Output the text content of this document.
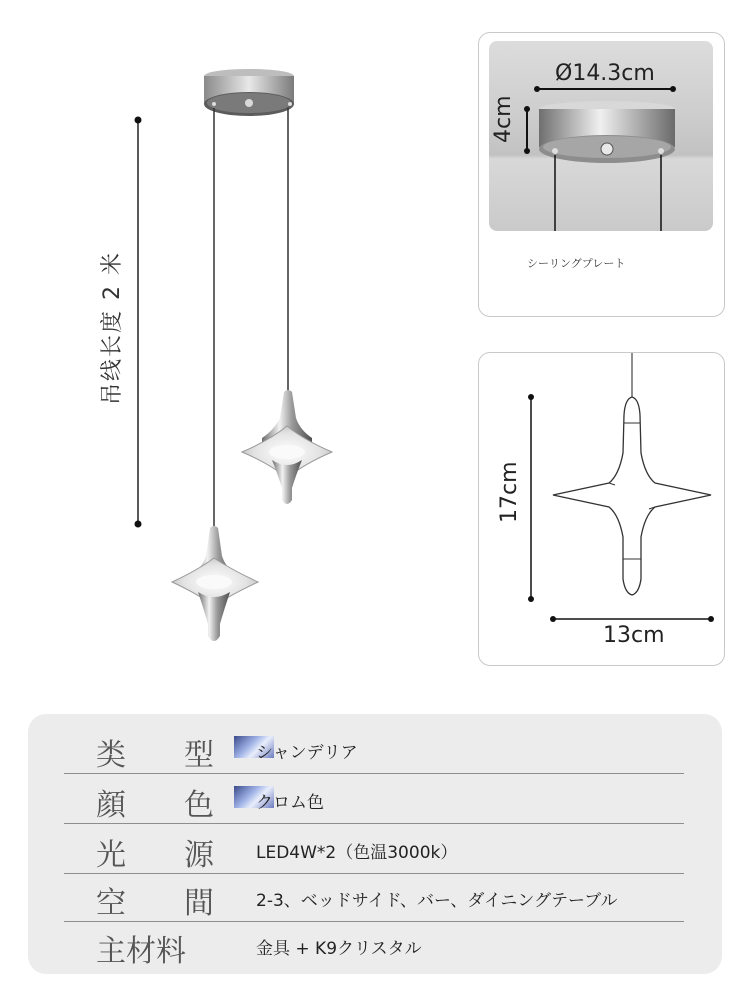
吊线长度 2 米
Ø14.3cm
4cm
シーリングプレート
17cm
13cm
类 型 シャンデリア
顔 色 クロム色
光 源 LED4W*2（色温3000k）
空 間 2-3、ベッドサイド、バー、ダイニングテーブル
主材料	金具 + K9クリスタル
